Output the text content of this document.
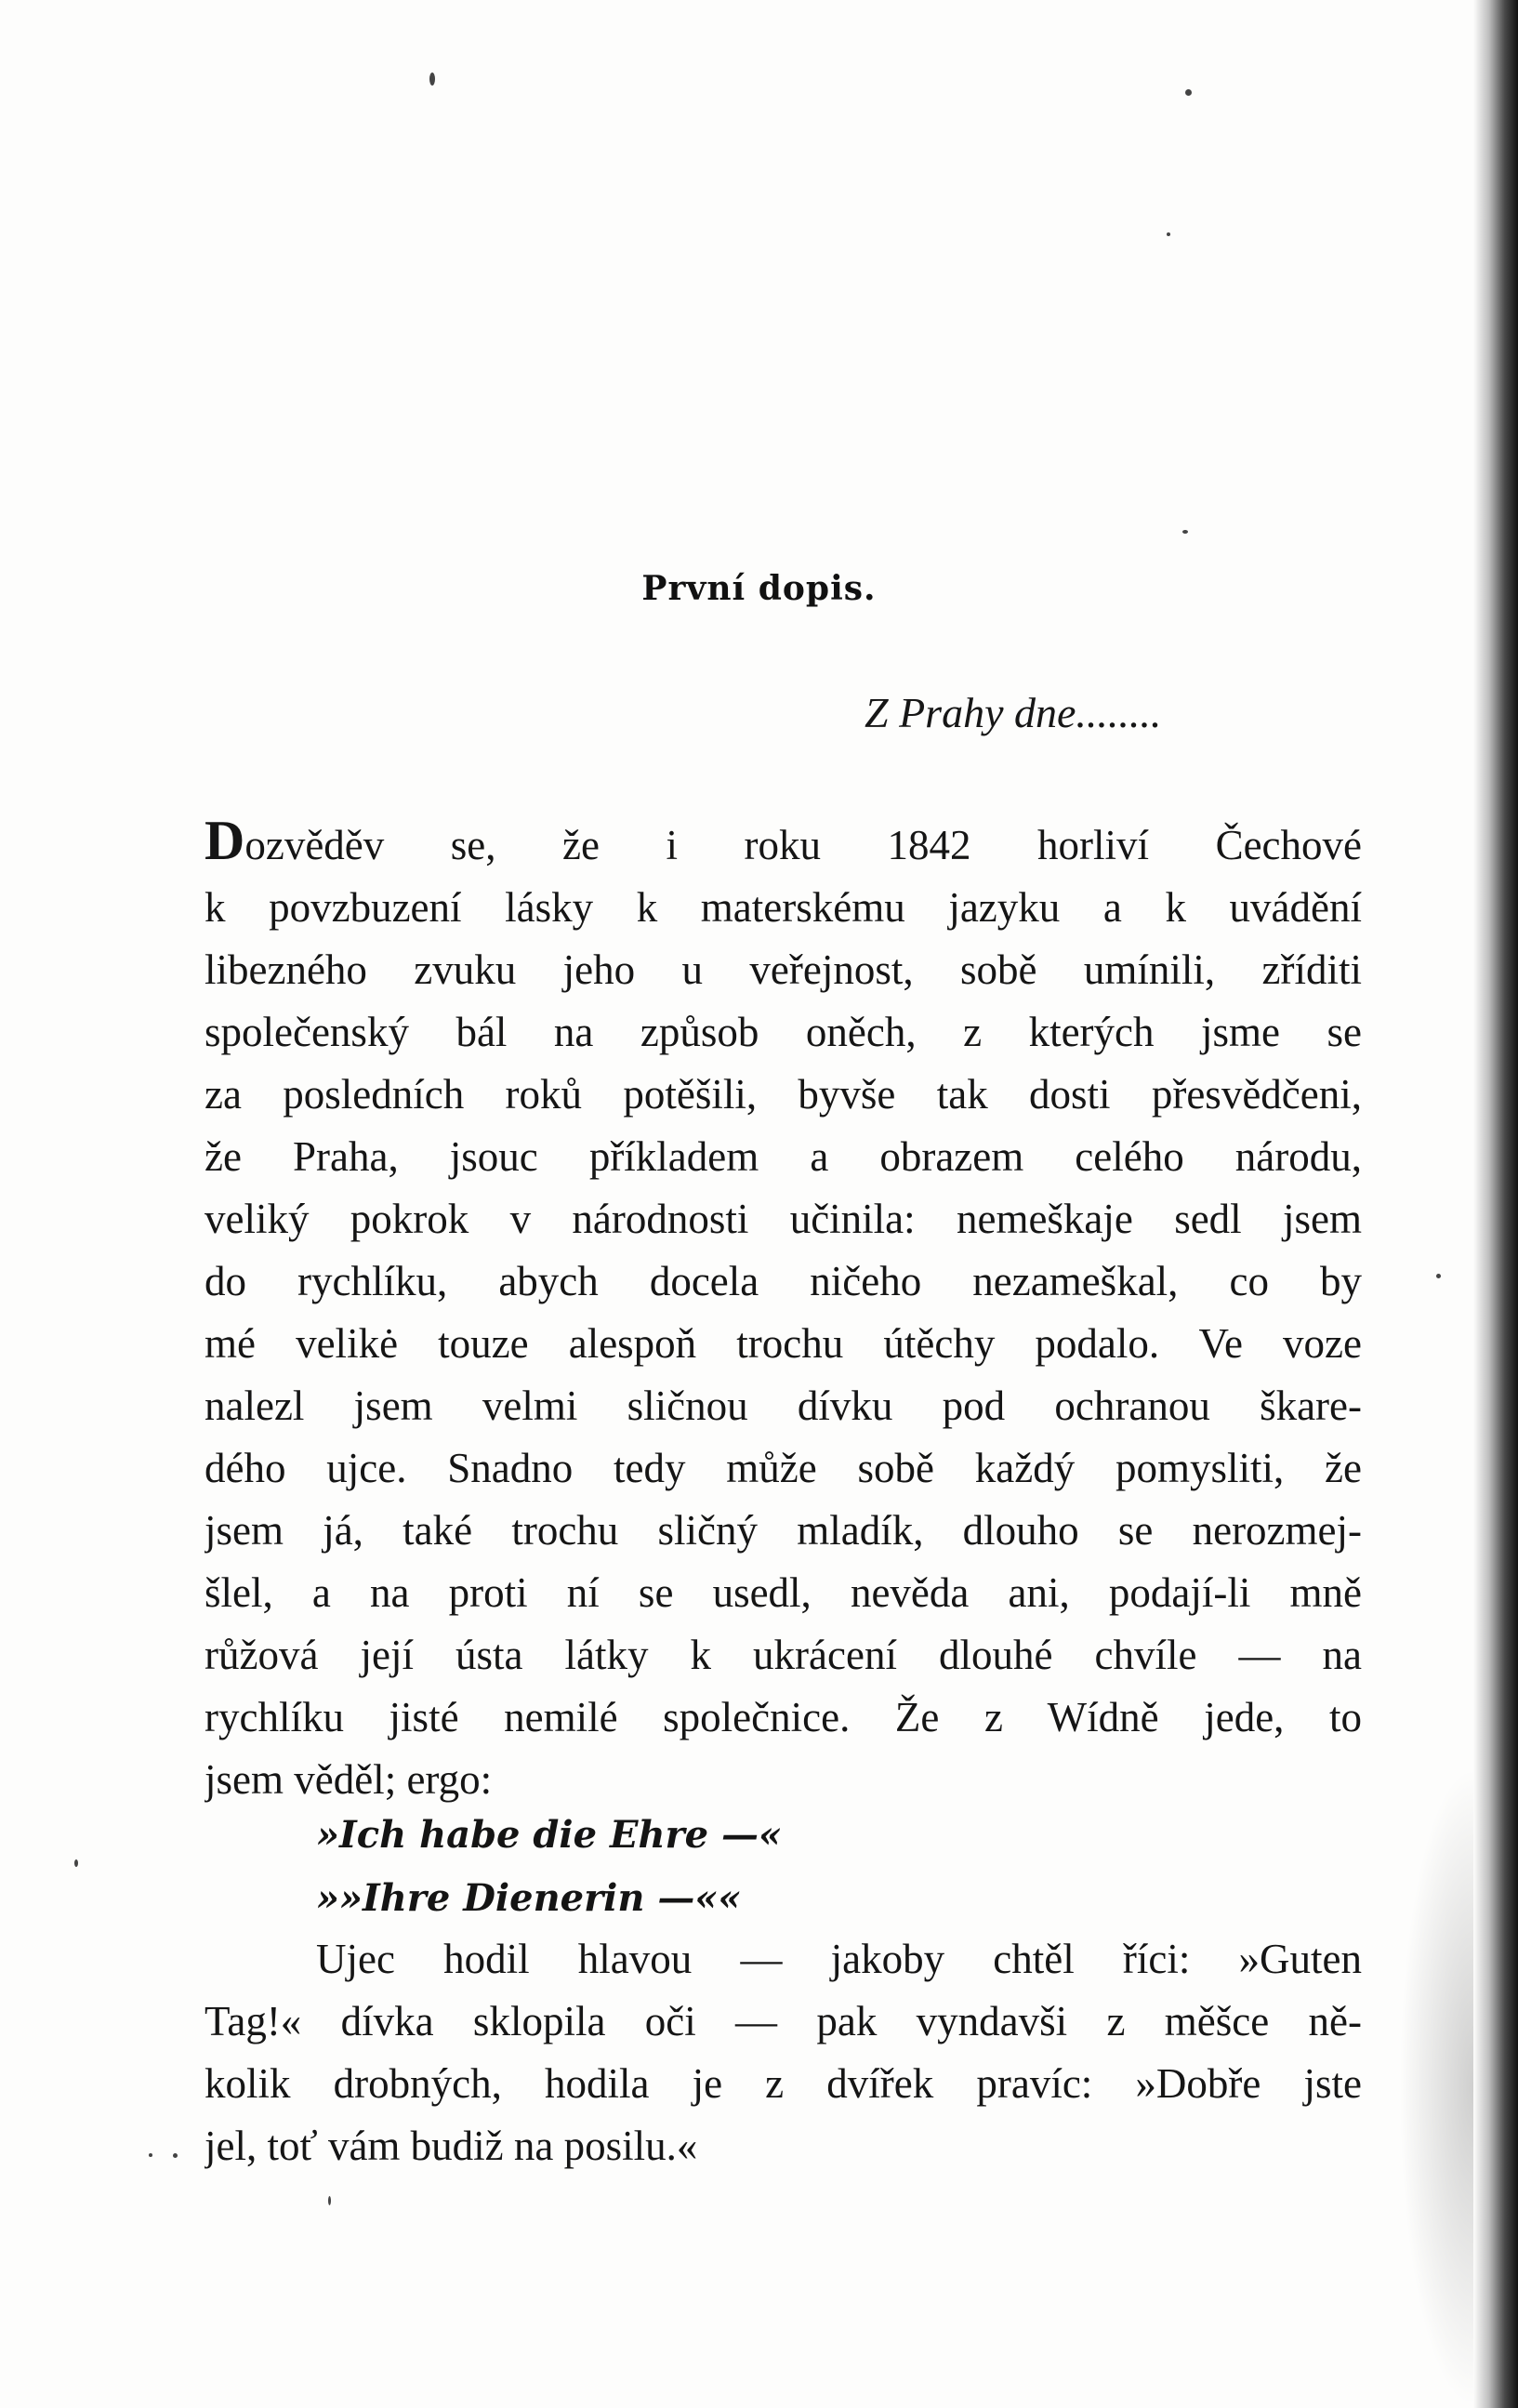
První dopis.
Z Prahy dne........
Dozvěděv se, že i roku 1842 horliví Čechové
k povzbuzení lásky k materskému jazyku a k uvádění
libezného zvuku jeho u veřejnost, sobě umínili, zříditi
společenský bál na způsob oněch, z kterých jsme se
za posledních roků potěšili, byvše tak dosti přesvědčeni,
že Praha, jsouc příkladem a obrazem celého národu,
veliký pokrok v národnosti učinila: nemeškaje sedl jsem
do rychlíku, abych docela ničeho nezameškal, co by
mé velikė touze alespoň trochu útěchy podalo. Ve voze
nalezl jsem velmi sličnou dívku pod ochranou škare-
dého ujce. Snadno tedy může sobě každý pomysliti, že
jsem já, také trochu sličný mladík, dlouho se nerozmej-
šlel, a na proti ní se usedl, nevěda ani, podají-li mně
růžová její ústa látky k ukrácení dlouhé chvíle — na
rychlíku jisté nemilé společnice. Že z Wídně jede, to
jsem věděl; ergo:
»Ich habe die Ehre —«
»»Ihre Dienerin —««
Ujec hodil hlavou — jakoby chtěl říci: »Guten
Tag!« dívka sklopila oči — pak vyndavši z měšce ně-
kolik drobných, hodila je z dvířek pravíc: »Dobře jste
jel, toť vám budiž na posilu.«
